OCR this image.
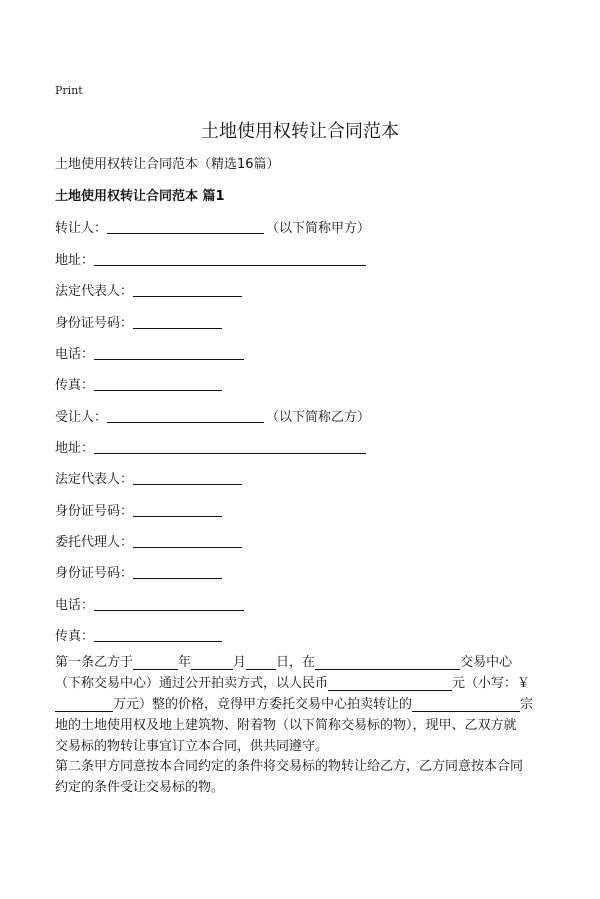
Print
土地使用权转让合同范本
土地使用权转让合同范本（精选16篇）
土地使用权转让合同范本 篇1
转让人：	（以下简称甲方）
地址：
法定代表人：
身份证号码：
电话：
传真：
受让人：	（以下简称乙方）
地址：
法定代表人：
身份证号码：
委托代理人：
身份证号码：
电话：
传真：
第一条乙方于	年	月 日，在	交易中心
（下称交易中心）通过公开拍卖方式，以人民币	元（小写：￥
万元）整的价格，竞得甲方委托交易中心拍卖转让的	宗
地的土地使用权及地上建筑物、附着物（以下简称交易标的物），现甲、乙双方就
交易标的物转让事宜订立本合同，供共同遵守。
第二条甲方同意按本合同约定的条件将交易标的物转让给乙方，乙方同意按本合同
约定的条件受让交易标的物。
